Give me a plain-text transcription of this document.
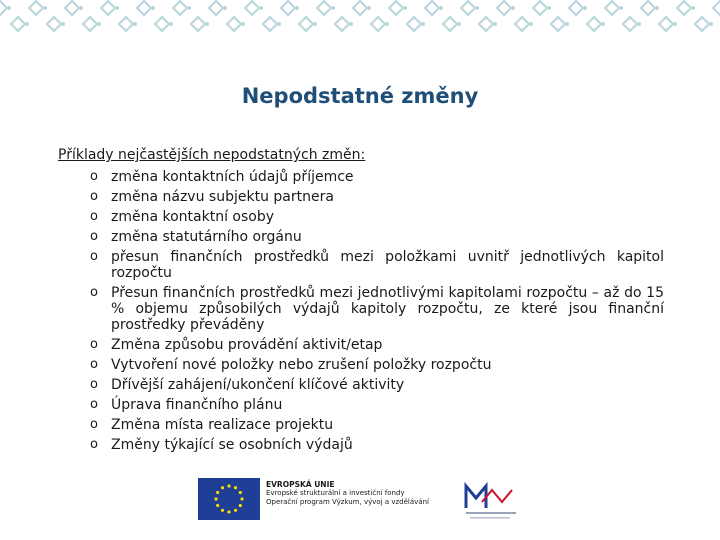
Nepodstatné změny
Příklady nejčastějších nepodstatných změn:
o změna kontaktních údajů příjemce
o změna názvu subjektu partnera
o změna kontaktní osoby
o změna statutárního orgánu
o přesun finančních prostředků mezi položkami uvnitř jednotlivých kapitol rozpočtu
o Přesun finančních prostředků mezi jednotlivými kapitolami rozpočtu – až do 15 % objemu způsobilých výdajů kapitoly rozpočtu, ze které jsou finanční prostředky převáděny
o Změna způsobu provádění aktivit/etap
o Vytvoření nové položky nebo zrušení položky rozpočtu
o Dřívější zahájení/ukončení klíčové aktivity
o Úprava finančního plánu
o Změna místa realizace projektu
o Změny týkající se osobních výdajů
EVROPSKÁ UNIE
Evropské strukturální a investiční fondy
Operační program Výzkum, vývoj a vzdělávání
